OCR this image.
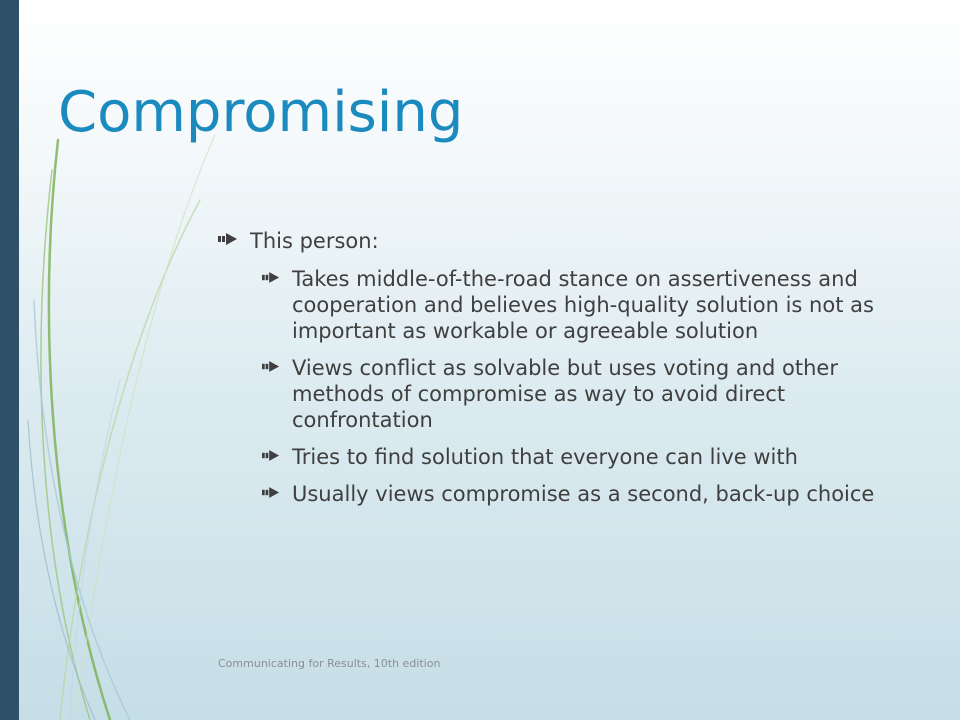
Compromising
This person:
Takes middle-of-the-road stance on assertiveness and cooperation and believes high-quality solution is not as important as workable or agreeable solution
Views conflict as solvable but uses voting and other methods of compromise as way to avoid direct confrontation
Tries to find solution that everyone can live with
Usually views compromise as a second, back-up choice
Communicating for Results, 10th edition
